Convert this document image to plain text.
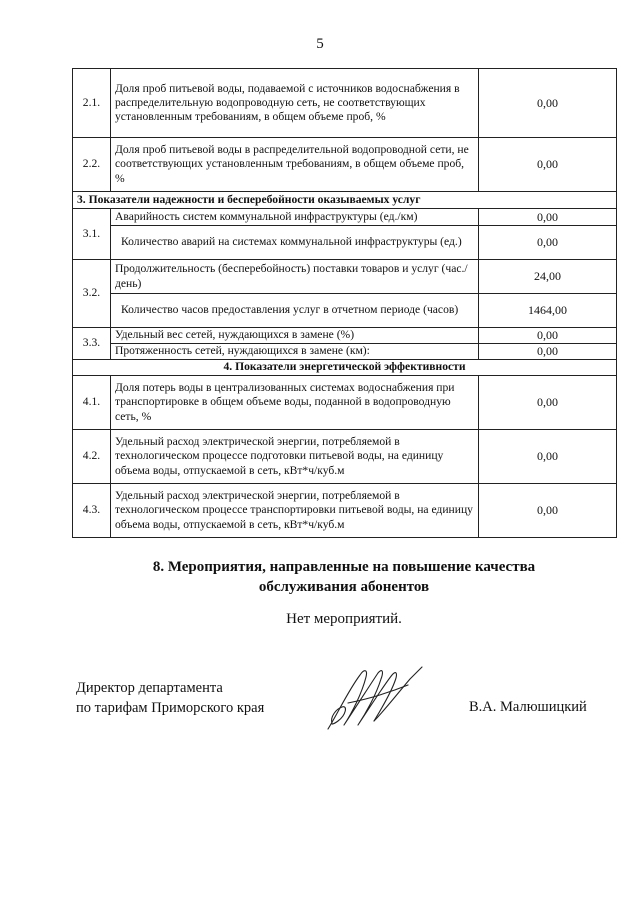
5
2.1.	Доля проб питьевой воды, подаваемой с источников водоснабжения в распределительную водопроводную сеть, не соответствующих установленным требованиям, в общем объеме проб, %	0,00
2.2.	Доля проб питьевой воды в распределительной водопроводной сети, не соответствующих установленным требованиям, в общем объеме проб, %	0,00
3. Показатели надежности и бесперебойности оказываемых услуг		
3.1.	Аварийность систем коммунальной инфраструктуры (ед./км)	0,00
	Количество аварий на системах коммунальной инфраструктуры (ед.)	0,00
3.2.	Продолжительность (бесперебойность) поставки товаров и услуг (час./день)	24,00
	Количество часов предоставления услуг в отчетном периоде (часов)	1464,00
3.3.	Удельный вес сетей, нуждающихся в замене (%)	0,00
	Протяженность сетей, нуждающихся в замене (км):	0,00
4. Показатели энергетической эффективности		
4.1.	Доля потерь воды в централизованных системах водоснабжения при транспортировке в общем объеме воды, поданной в водопроводную сеть, %	0,00
4.2.	Удельный расход электрической энергии, потребляемой в технологическом процессе подготовки питьевой воды, на единицу объема воды, отпускаемой в сеть, кВт*ч/куб.м	0,00
4.3.	Удельный расход электрической энергии, потребляемой в технологическом процессе транспортировки питьевой воды, на единицу объема воды, отпускаемой в сеть, кВт*ч/куб.м	0,00
8. Мероприятия, направленные на повышение качества
обслуживания абонентов
Нет мероприятий.
Директор департамента
по тарифам Приморского края	В.А. Малюшицкий
